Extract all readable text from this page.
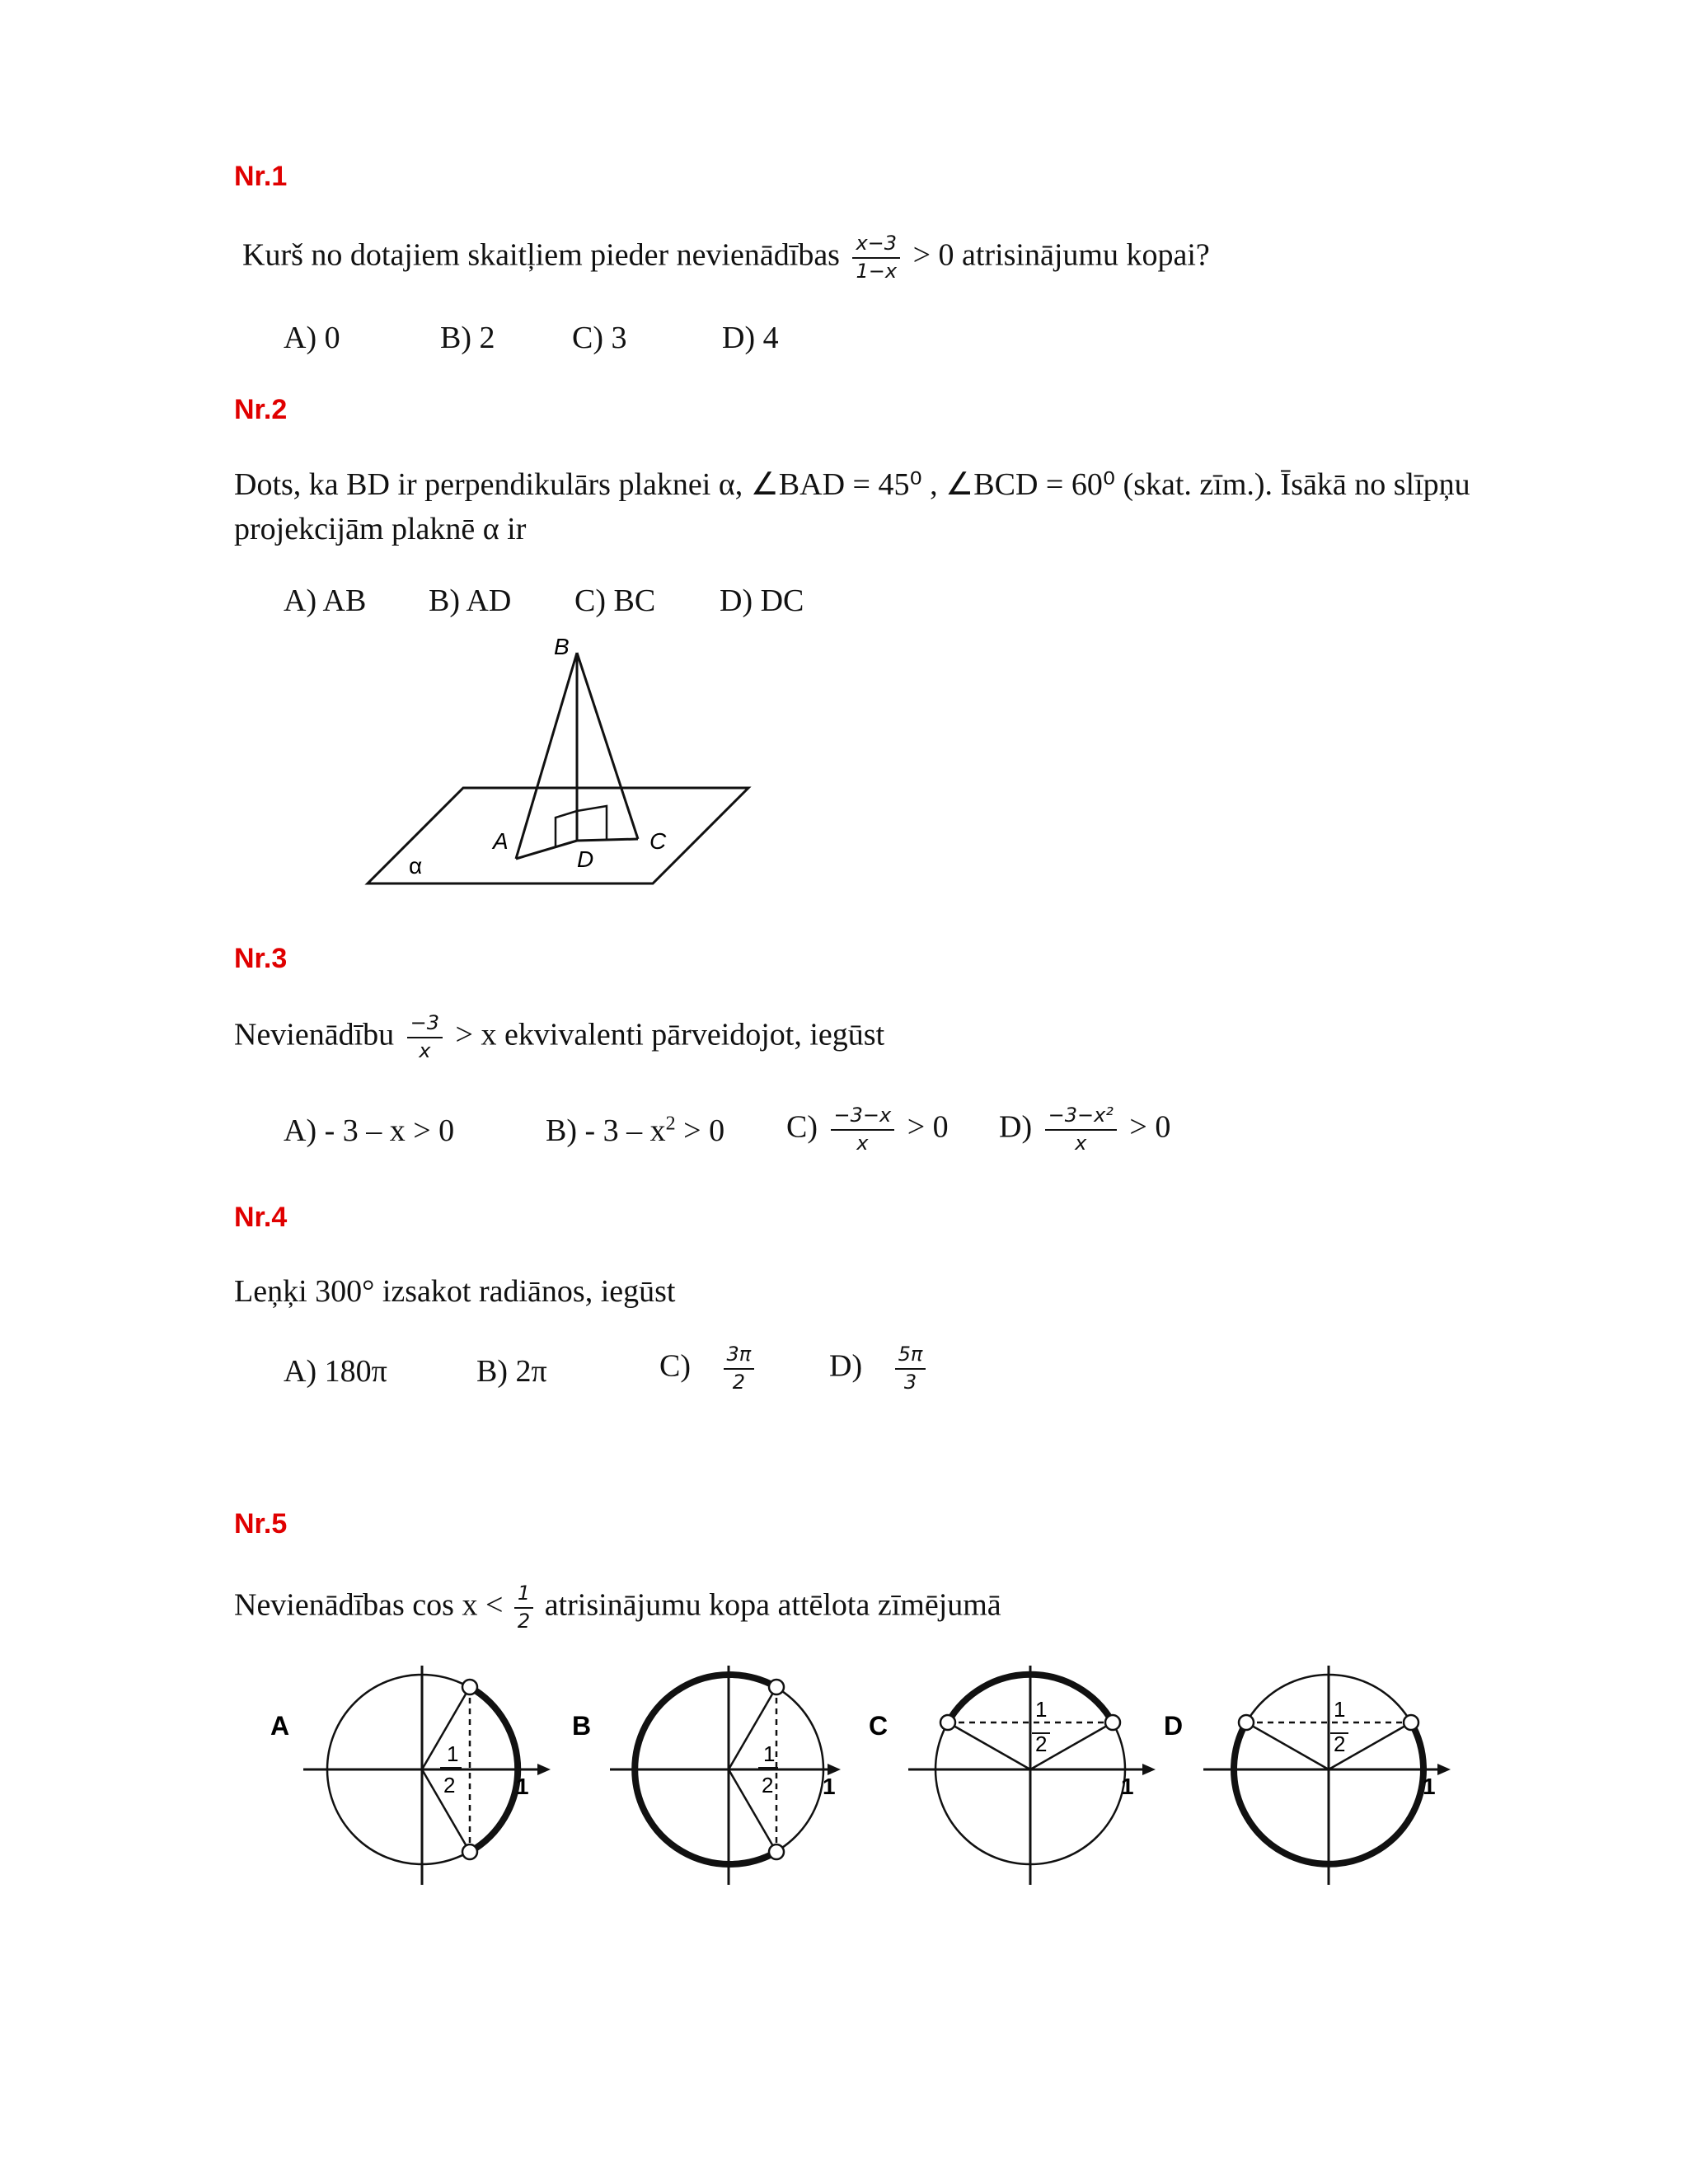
Nr.1
Kurš no dotajiem skaitļiem pieder nevienādības $\frac{x-3}{1-x} > 0$ atrisinājumu kopai?
A) 0	B) 2 C) 3	D) 4
Nr.2
Dots, ka BD ir perpendikulārs plaknei α, ∠BAD = 45⁰ , ∠BCD = 60⁰ (skat. zīm.). Īsākā no slīpņu
projekcijām plaknē α ir
A) AB B) AD C) BC D) DC
B
A	C
D
α
Nr.3
Nevienādību $\frac{-3}{x} > x$ ekvivalenti pārveidojot, iegūst
A) - 3 – x > 0	$B) - 3 - x^2 > 0$ $C) \frac{-3-x}{x} > 0$ $D) \frac{\text{−3−x²}}{x} > 0$
Nr.4
Leņķi 300° izsakot radiānos, iegūst
A) 180π	B) 2π	$C) \frac{3\pi}{2} D) \frac{5\pi}{3}$
Nr.5
Nevienādības $\cos x < \frac{1}{2}$ atrisinājumu kopa attēlota zīmējumā
A
1
2	1
B
1
2 1
C
1
2
1
D
1
2
1
